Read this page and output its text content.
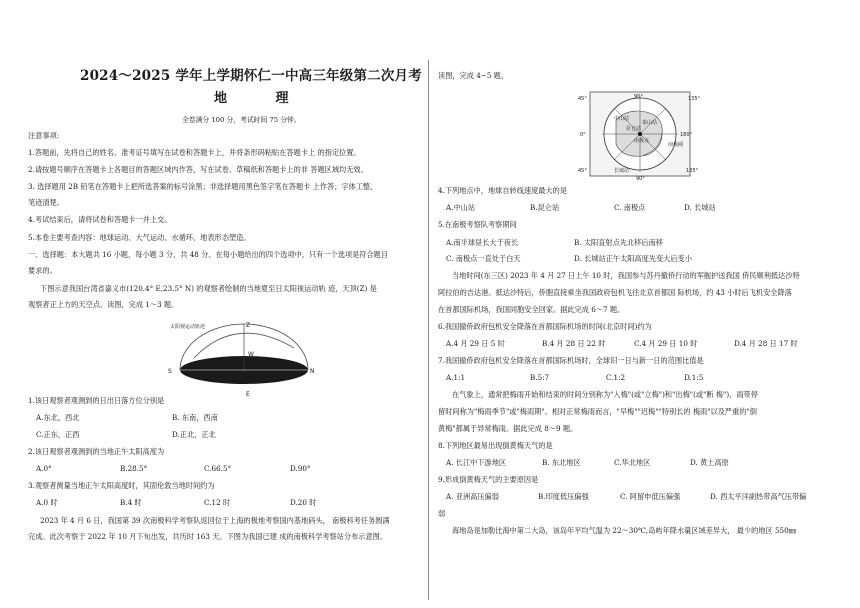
2024～2025 学年上学期怀仁一中高三年级第二次月考
地 理
全卷满分 100 分，考试时间 75 分钟。
注意事项:
1.答题前，先将自己的姓名、准考证号填写在试卷和答题卡上，并将条形码粘贴在答题卡上 的指定位置。
2.请按题号顺序在答题卡上各题目的答题区域内作答，写在试卷、草稿纸和答题卡上的非 答题区域均无效。
3. 选择题用 2B 铅笔在答题卡上把所选答案的标号涂黑；非选择题用黑色签字笔在答题卡 上作答；字体工整，
笔迹清楚。
4.考试结束后，请将试卷和答题卡一并上交。
5.本卷主要考查内容：地球运动、大气运动、水循环、地表形态塑造。
一、选择题：本大题共 16 小题，每小题 3 分，共 48 分。在每小题给出的四个选项中，只有一个选项是符合题目
要求的。
下图示意我国台湾省嘉义市(120.4° E,23.5° N) 的观察者绘制的当地夏至日太阳视运动轨 迹，天顶(Z) 是
观察者正上方的天空点。读图，完成 1～3 题。
太阳视运动轨迹	Z
S	N
E
W
1.该日观察者观测到的日出日落方位分别是
A.东北，西北	B. 东南，西南
C.正东，正西	D.正北，正北
2.该日观察者观测到的当地正午太阳高度为
A.0°	B.28.5°	C.66.5°	D.90°
3.观察者测量当地正午太阳高度时，其固伦敦当地时间约为
A.0 时	B.4 时	C.12 时	D.20 时
2023 年 4 月 6 日，我国第 39 次南极科学考察队返回位于上海的极地考察国内基地码头， 南极科考任务圆满
完成。此次考察于 2022 年 10 月下旬出发，共历时 163 天。下图为我国已建 成的南极科学考察站分布示意图。
读图，完成 4~5 题。
45°	90°	135°
0°
中山站
昆仑站
南极点
泰山站
南极圈
长城站
180°
135°
45°
90°
4.下列地点中，地球自转线速度最大的是
A.中山站	B.昆仑站	C. 南极点	D. 长城站
5.在南极考察队考察期间
A.南半球昼长大于夜长	B. 太阳直射点先北移后南移
C. 南极点一直处于白天	D. 长城站正午太阳高度先变大后变小
当地时间(东三区) 2023 年 4 月 27 日上午 10 时，我国参与苏丹撤侨行动的军舰护送我国 侨民顺利抵达沙特
阿拉伯的吉达港。抵达沙特后，侨胞直接乘坐我国政府包机飞往北京首都国 际机场，约 43 小时后飞机安全降落
在首都国际机场，我国同胞安全回家。据此完成 6～7 题。
6.我国撤侨政府包机安全降落在首都国际机场的时间(北京时间)约为
A.4 月 29 日 5 时	B.4 月 28 日 22 时	C.4 月 29 日 10 时	D.4 月 28 日 17 时
7.我国撤侨政府包机安全降落在首都国际机场时，全球旧一日与新一日的范围比值是
A.1:1	B.5:7	C.1:2	D.1:5
在气象上，通常把梅雨开始和结束的时间分别称为"入梅"(或"立梅")和"出梅"(或"断 梅")，雨带停
留时间称为"梅雨季节"或"梅雨期"。相对正常梅雨而言，"早梅""迟梅""特别长的 梅雨"以及严重的"倒
黄梅"都属于异常梅雨。据此完成 8～9 题。
8.下列地区最易出现倒黄梅天气的是
A. 长江中下游地区	B. 东北地区	C.华北地区	D. 黄土高原
9.形成倒黄梅天气的主要原因是
A. 亚洲高压偏弱	B.印度低压偏强	C. 阿留申低压偏强	D. 西太平洋副热带高气压带偏
弱
海地岛是加勒比海中第二大岛，该岛年平均气温为 22～30℃,岛屿年降水量区域差异大， 最少的地区 550㎜
